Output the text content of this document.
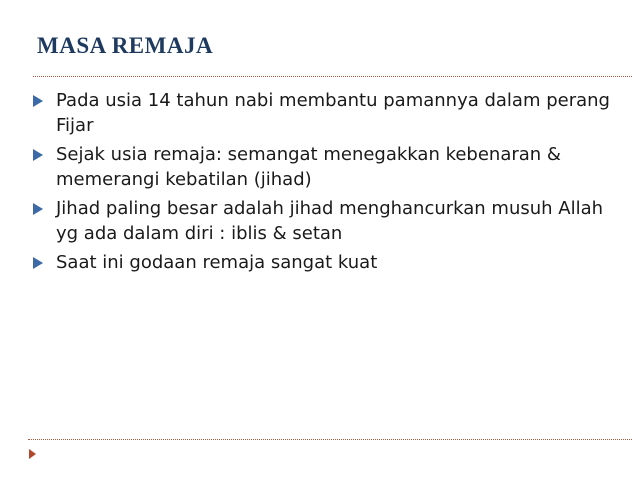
MASA REMAJA
Pada usia 14 tahun nabi membantu pamannya dalam perang Fijar
Sejak usia remaja: semangat menegakkan kebenaran & memerangi kebatilan (jihad)
Jihad paling besar adalah jihad menghancurkan musuh Allah yg ada dalam diri : iblis & setan
Saat ini godaan remaja sangat kuat
